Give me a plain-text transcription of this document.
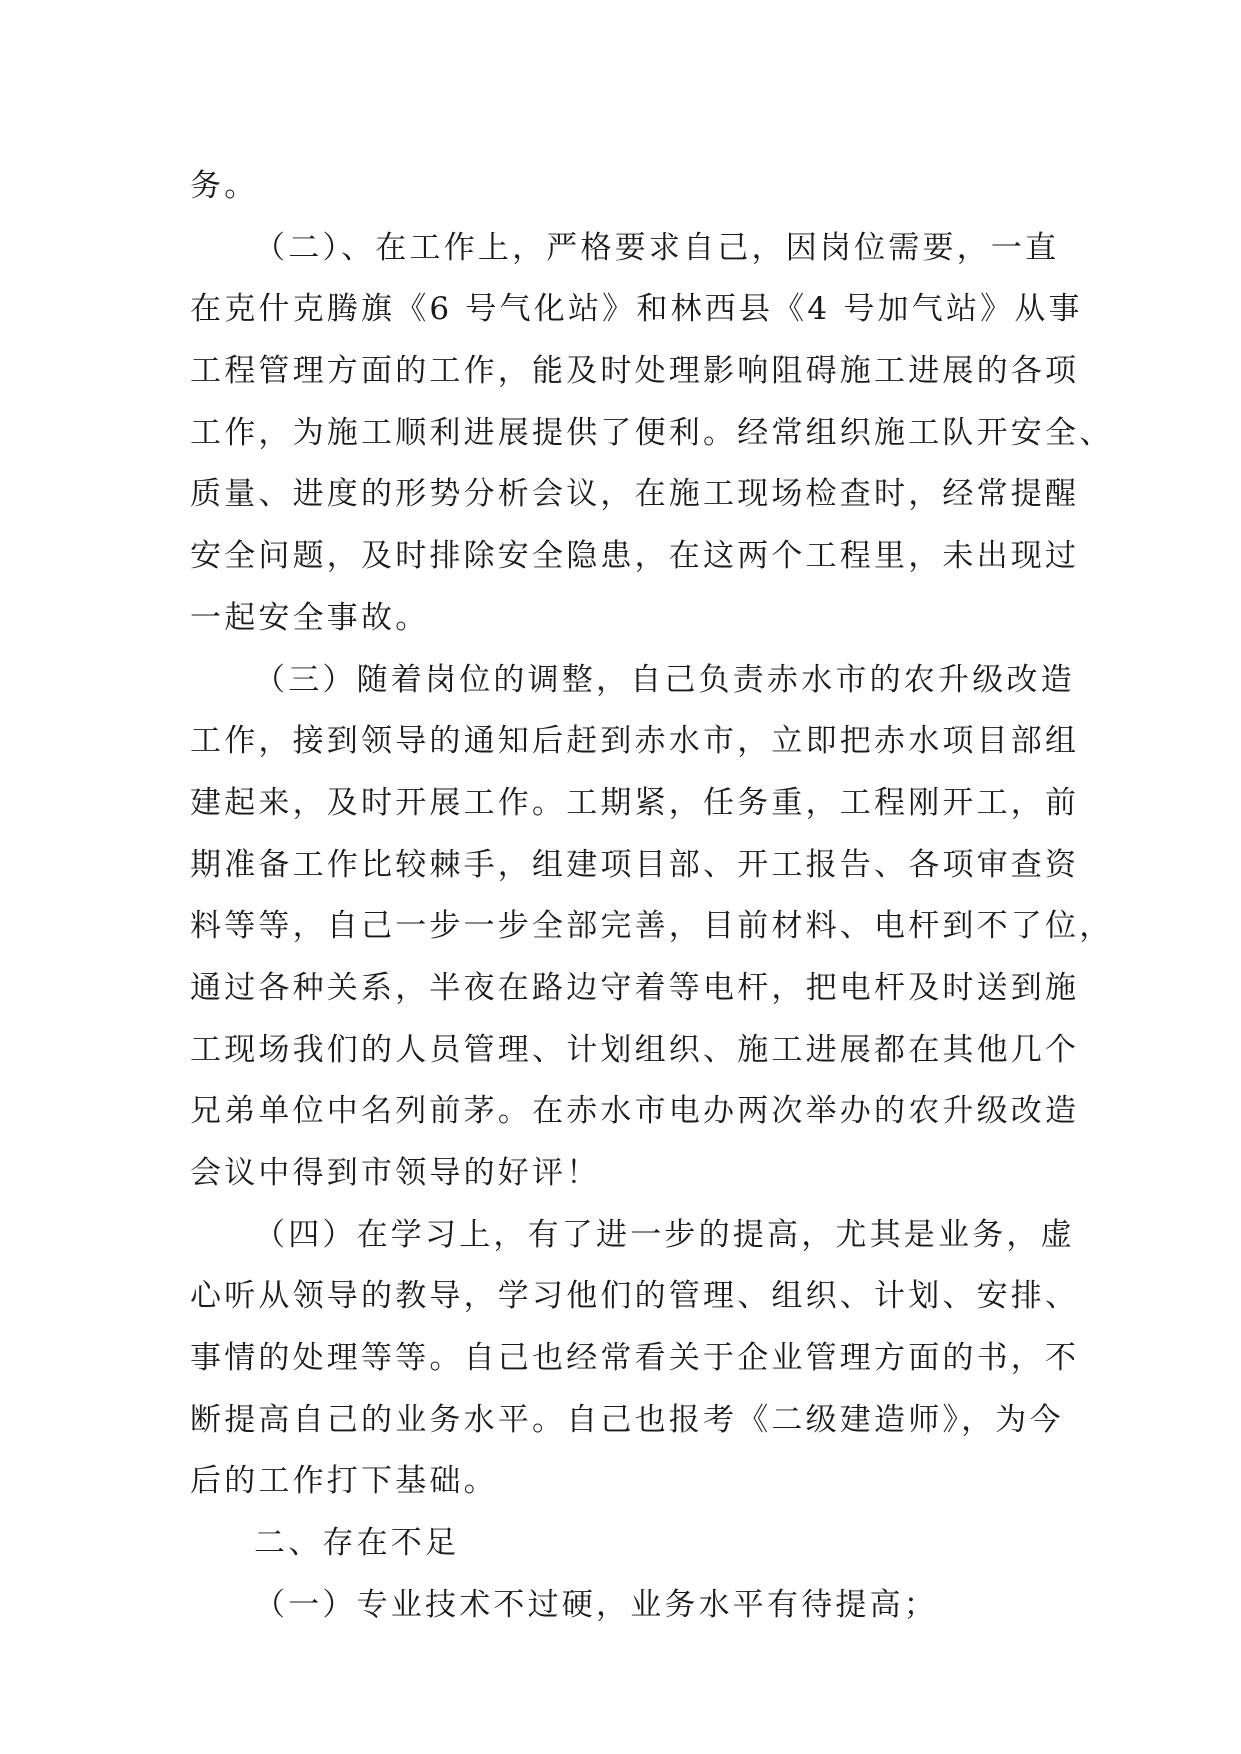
务。
（二）、在工作上，严格要求自己，因岗位需要，一直
在克什克腾旗《6 号气化站》和林西县《4 号加气站》从事
工程管理方面的工作，能及时处理影响阻碍施工进展的各项
工作，为施工顺利进展提供了便利。经常组织施工队开安全、
质量、进度的形势分析会议，在施工现场检查时，经常提醒
安全问题，及时排除安全隐患，在这两个工程里，未出现过
一起安全事故。
（三）随着岗位的调整，自己负责赤水市的农升级改造
工作，接到领导的通知后赶到赤水市，立即把赤水项目部组
建起来，及时开展工作。工期紧，任务重，工程刚开工，前
期准备工作比较棘手，组建项目部、开工报告、各项审查资
料等等，自己一步一步全部完善，目前材料、电杆到不了位，
通过各种关系，半夜在路边守着等电杆，把电杆及时送到施
工现场我们的人员管理、计划组织、施工进展都在其他几个
兄弟单位中名列前茅。在赤水市电办两次举办的农升级改造
会议中得到市领导的好评！
（四）在学习上，有了进一步的提高，尤其是业务，虚
心听从领导的教导，学习他们的管理、组织、计划、安排、
事情的处理等等。自己也经常看关于企业管理方面的书，不
断提高自己的业务水平。自己也报考《二级建造师》，为今
后的工作打下基础。
二、存在不足
（一）专业技术不过硬，业务水平有待提高；
